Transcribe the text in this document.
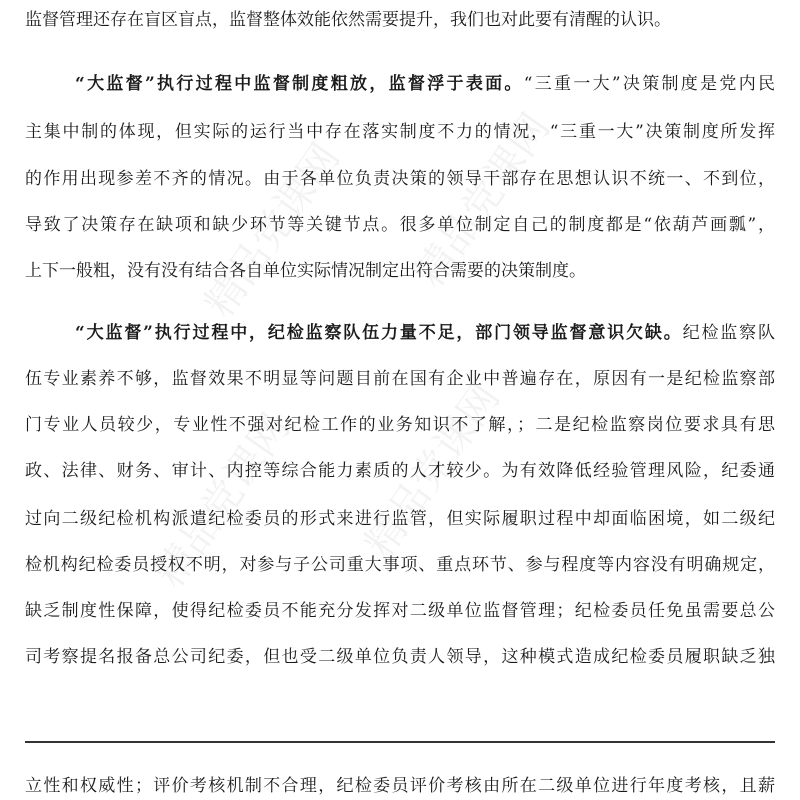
精品党课网 精品党课网
精品党课网 精品党课网
监督管理还存在盲区盲点，监督整体效能依然需要提升，我们也对此要有清醒的认识。
“大监督”执行过程中监督制度粗放，监督浮于表面。“三重一大”决策制度是党内民
主集中制的体现，但实际的运行当中存在落实制度不力的情况，“三重一大”决策制度所发挥
的作用出现参差不齐的情况。由于各单位负责决策的领导干部存在思想认识不统一、不到位，
导致了决策存在缺项和缺少环节等关键节点。很多单位制定自己的制度都是“依葫芦画瓢”，
上下一般粗，没有没有结合各自单位实际情况制定出符合需要的决策制度。
“大监督”执行过程中，纪检监察队伍力量不足，部门领导监督意识欠缺。纪检监察队
伍专业素养不够，监督效果不明显等问题目前在国有企业中普遍存在，原因有一是纪检监察部
门专业人员较少，专业性不强对纪检工作的业务知识不了解，；二是纪检监察岗位要求具有思
政、法律、财务、审计、内控等综合能力素质的人才较少。为有效降低经验管理风险，纪委通
过向二级纪检机构派遣纪检委员的形式来进行监管，但实际履职过程中却面临困境，如二级纪
检机构纪检委员授权不明，对参与子公司重大事项、重点环节、参与程度等内容没有明确规定，
缺乏制度性保障，使得纪检委员不能充分发挥对二级单位监督管理；纪检委员任免虽需要总公
司考察提名报备总公司纪委，但也受二级单位负责人领导，这种模式造成纪检委员履职缺乏独
立性和权威性；评价考核机制不合理，纪检委员评价考核由所在二级单位进行年度考核，且薪
